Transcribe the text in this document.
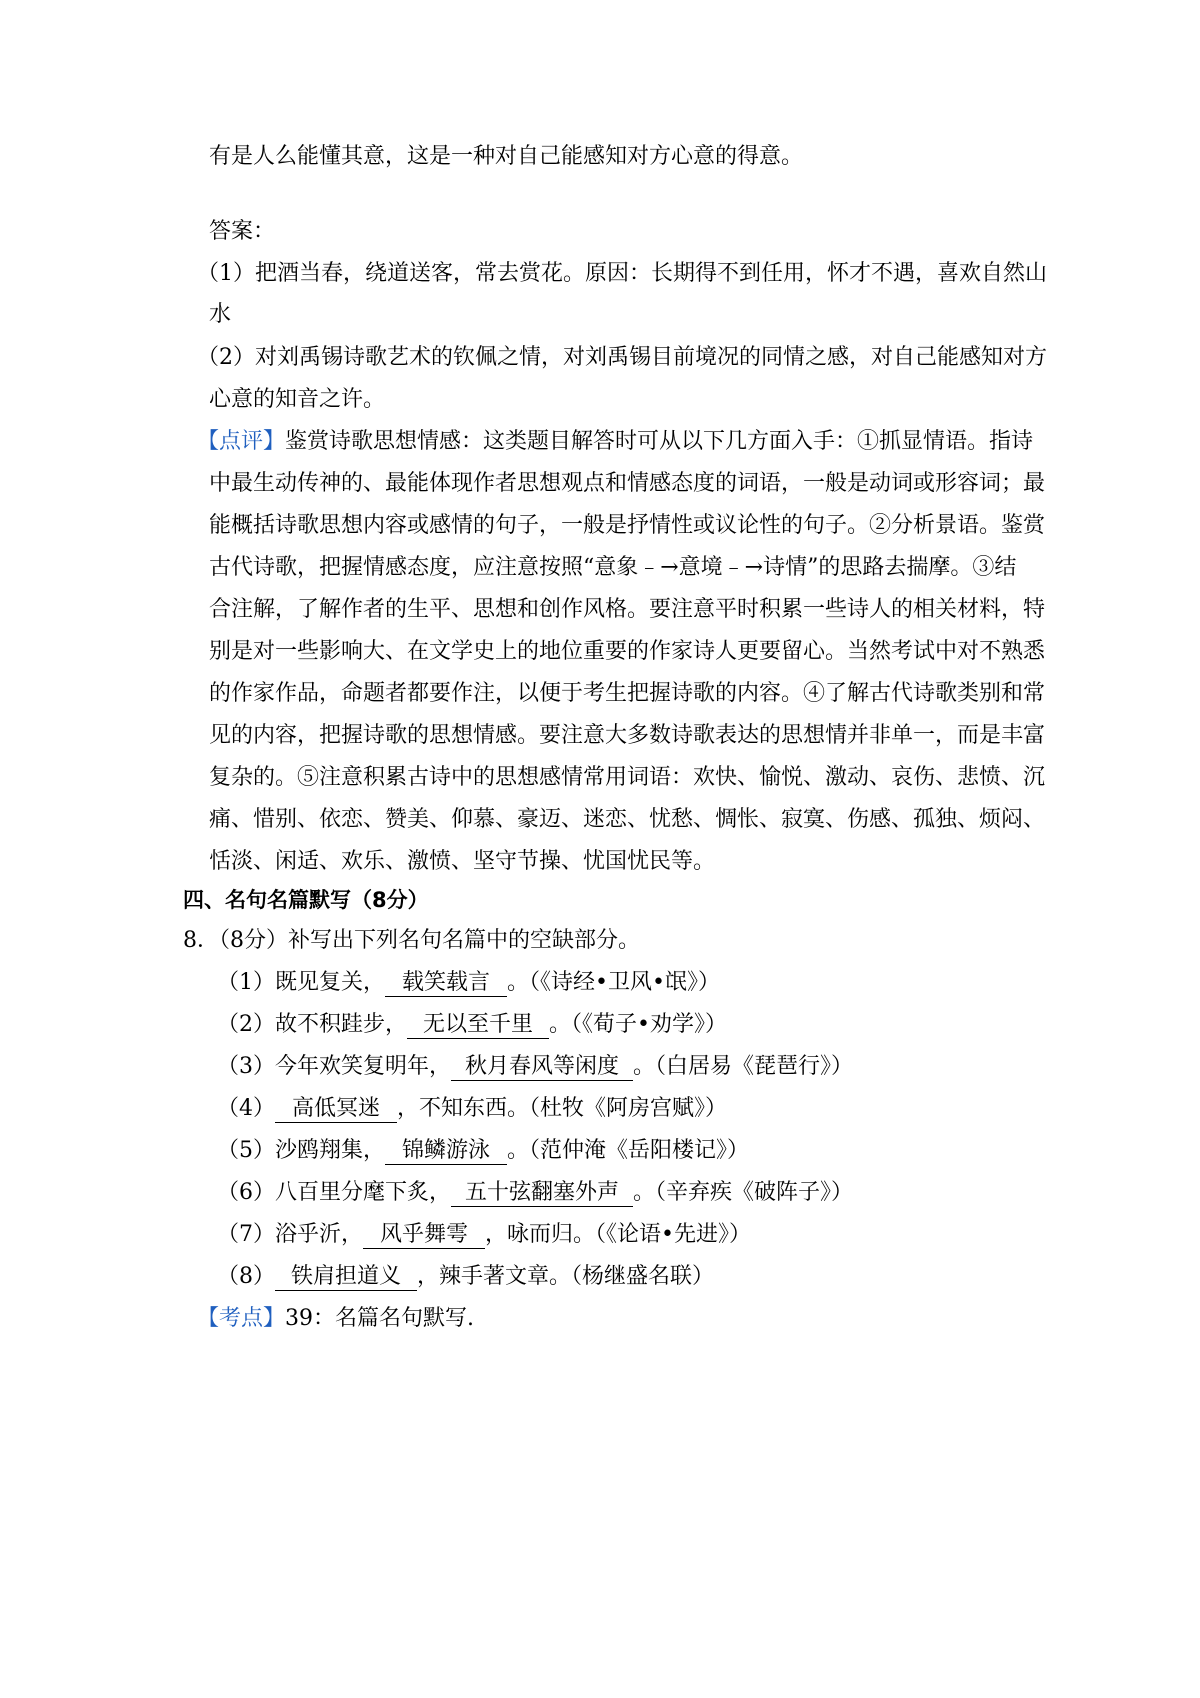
有是人么能懂其意，这是一种对自己能感知对方心意的得意。
答案：
（1）把酒当春，绕道送客，常去赏花。原因：长期得不到任用，怀才不遇，喜欢自然山
水
（2）对刘禹锡诗歌艺术的钦佩之情，对刘禹锡目前境况的同情之感，对自己能感知对方
心意的知音之许。
【点评】鉴赏诗歌思想情感：这类题目解答时可从以下几方面入手：①抓显情语。指诗
中最生动传神的、最能体现作者思想观点和情感态度的词语，一般是动词或形容词；最
能概括诗歌思想内容或感情的句子，一般是抒情性或议论性的句子。②分析景语。鉴赏
古代诗歌，把握情感态度，应注意按照“意象﹣→意境﹣→诗情”的思路去揣摩。③结
合注解，了解作者的生平、思想和创作风格。要注意平时积累一些诗人的相关材料，特
别是对一些影响大、在文学史上的地位重要的作家诗人更要留心。当然考试中对不熟悉
的作家作品，命题者都要作注，以便于考生把握诗歌的内容。④了解古代诗歌类别和常
见的内容，把握诗歌的思想情感。要注意大多数诗歌表达的思想情并非单一，而是丰富
复杂的。⑤注意积累古诗中的思想感情常用词语：欢快、愉悦、激动、哀伤、悲愤、沉
痛、惜别、依恋、赞美、仰慕、豪迈、迷恋、忧愁、惆怅、寂寞、伤感、孤独、烦闷、
恬淡、闲适、欢乐、激愤、坚守节操、忧国忧民等。
四、名句名篇默写（8分）
8．（8分）补写出下列名句名篇中的空缺部分。
（1）既见复关， 载笑载言 。（《诗经•卫风•氓》）
（2）故不积跬步， 无以至千里 。（《荀子•劝学》）
（3）今年欢笑复明年， 秋月春风等闲度 。（白居易《琵琶行》）
（4） 高低冥迷 ，不知东西。（杜牧《阿房宫赋》）
（5）沙鸥翔集， 锦鳞游泳 。（范仲淹《岳阳楼记》）
（6）八百里分麾下炙， 五十弦翻塞外声 。（辛弃疾《破阵子》）
（7）浴乎沂， 风乎舞雩 ，咏而归。（《论语•先进》）
（8） 铁肩担道义 ，辣手著文章。（杨继盛名联）
【考点】39：名篇名句默写.
